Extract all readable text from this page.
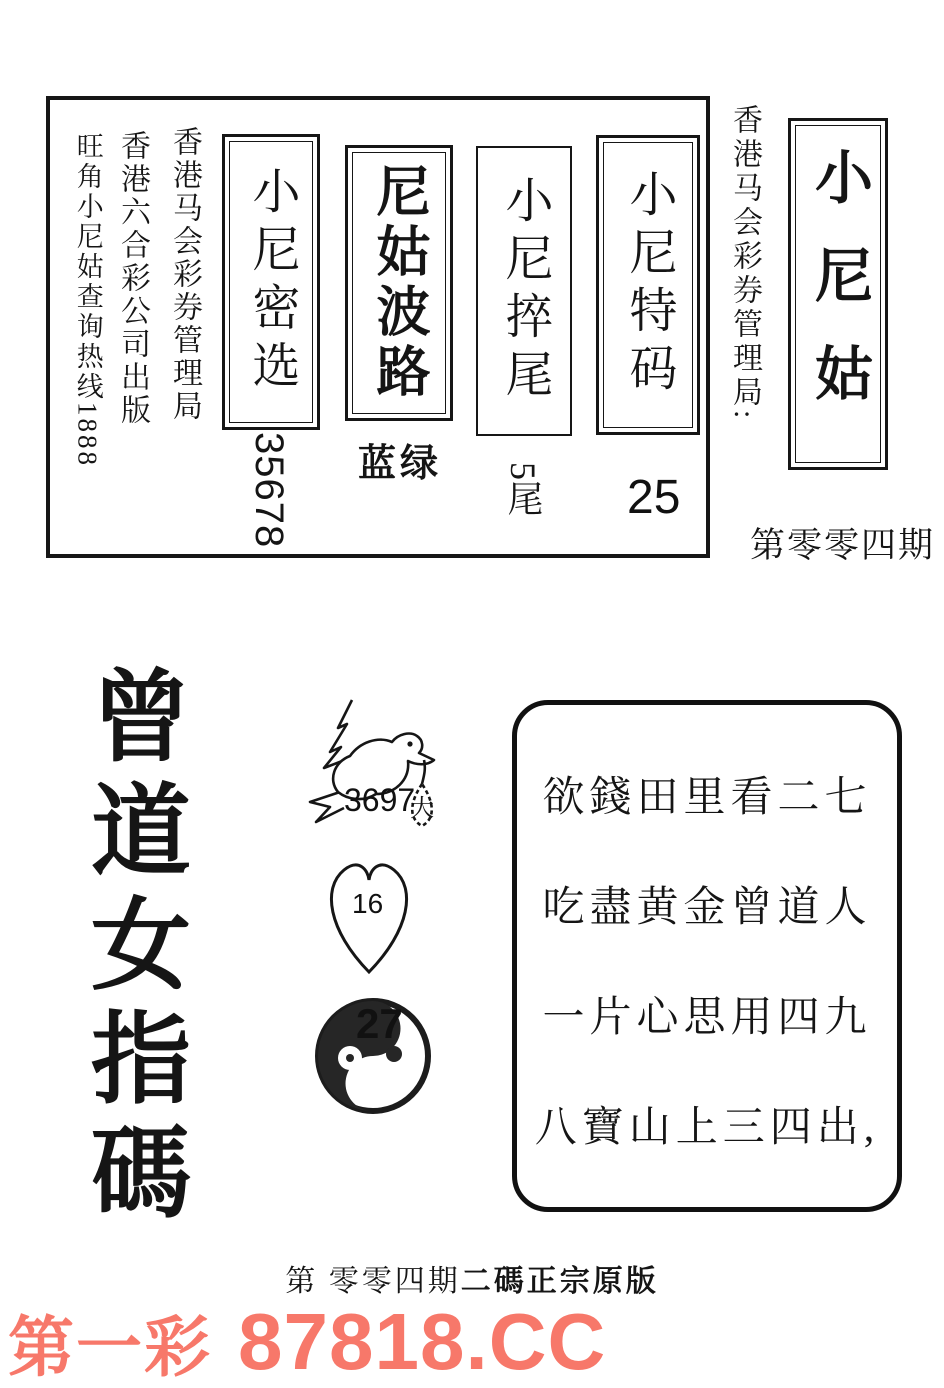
旺角小尼姑查询热线1888 香港六合彩公司出版 香港马会彩券管理局 小尼密选
35678
尼姑波路
蓝绿
小尼捽尾
5尾
小尼特码
25
香港马会彩券管理局: 小尼姑
第零零四期
曾道女指碼	大
3697
16
27
欲錢田里看二七
吃盡黄金曾道人
一片心思用四九
八寶山上三四出,
第 零零四期二碼正宗原版
第一彩 87818.CC
